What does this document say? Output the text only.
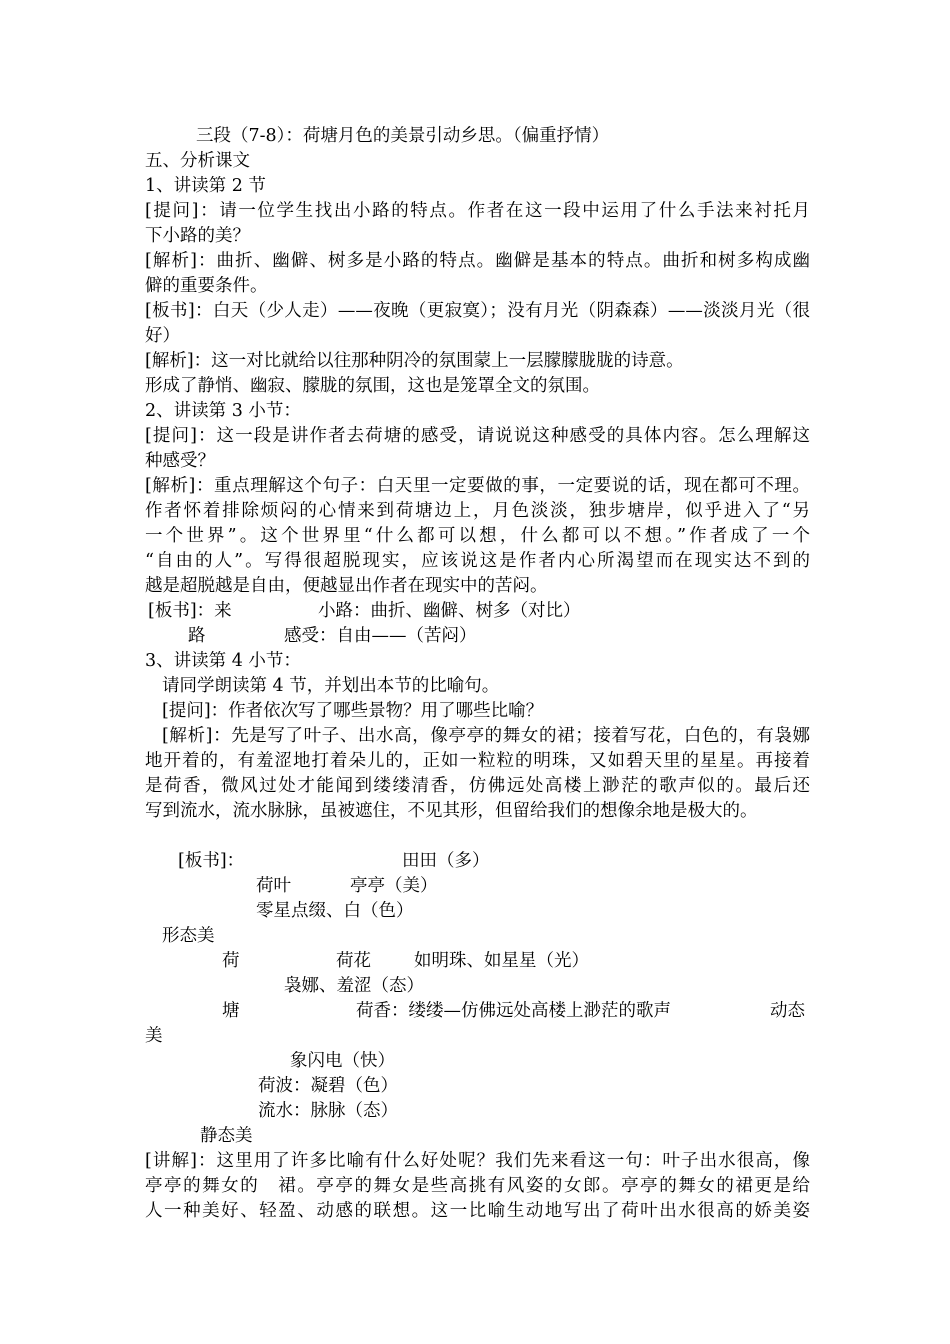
三段（7-8）：荷塘月色的美景引动乡思。（偏重抒情）
五、分析课文
1、讲读第 2 节
[提问]：请一位学生找出小路的特点。作者在这一段中运用了什么手法来衬托月
下小路的美？
[解析]：曲折、幽僻、树多是小路的特点。幽僻是基本的特点。曲折和树多构成幽
僻的重要条件。
[板书]：白天（少人走）——夜晚（更寂寞）；没有月光（阴森森）——淡淡月光（很
好）
[解析]：这一对比就给以往那种阴冷的氛围蒙上一层朦朦胧胧的诗意。
形成了静悄、幽寂、朦胧的氛围，这也是笼罩全文的氛围。
2、讲读第 3 小节：
[提问]：这一段是讲作者去荷塘的感受，请说说这种感受的具体内容。怎么理解这
种感受？
[解析]：重点理解这个句子：白天里一定要做的事，一定要说的话，现在都可不理。
作者怀着排除烦闷的心情来到荷塘边上，月色淡淡，独步塘岸，似乎进入了“另
一个世界”。这个世界里“什么都可以想，什么都可以不想。”作者成了一个
“自由的人”。写得很超脱现实，应该说这是作者内心所渴望而在现实达不到的
越是超脱越是自由，便越显出作者在现实中的苦闷。
[板书]：来	小路：曲折、幽僻、树多（对比）
路	感受：自由——（苦闷）
3、讲读第 4 小节：
请同学朗读第 4 节，并划出本节的比喻句。
[提问]：作者依次写了哪些景物？用了哪些比喻？
[解析]：先是写了叶子、出水高，像亭亭的舞女的裙；接着写花，白色的，有袅娜
地开着的，有羞涩地打着朵儿的，正如一粒粒的明珠，又如碧天里的星星。再接着
是荷香，微风过处才能闻到缕缕清香，仿佛远处高楼上渺茫的歌声似的。最后还
写到流水，流水脉脉，虽被遮住，不见其形，但留给我们的想像余地是极大的。
[板书]：	田田（多）
荷叶	亭亭（美）
零星点缀、白（色）
形态美
荷	荷花 如明珠、如星星（光）
袅娜、羞涩（态）
塘	荷香：缕缕—仿佛远处高楼上渺茫的歌声	动态
美
象闪电（快）
荷波：凝碧（色）
流水：脉脉（态）
静态美
[讲解]：这里用了许多比喻有什么好处呢？我们先来看这一句：叶子出水很高，像
亭亭的舞女的　裙。亭亭的舞女是些高挑有风姿的女郎。亭亭的舞女的裙更是给
人一种美好、轻盈、动感的联想。这一比喻生动地写出了荷叶出水很高的娇美姿
